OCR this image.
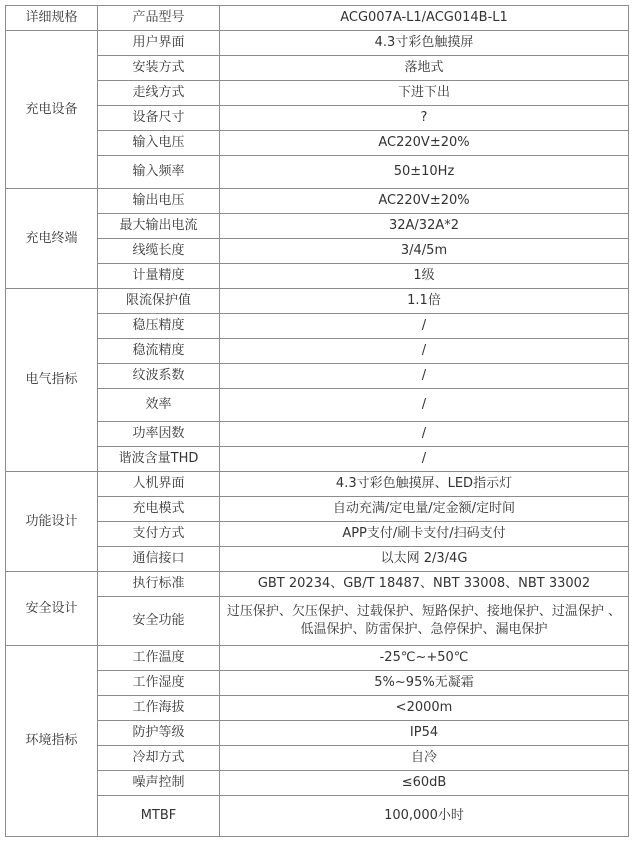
详细规格	产品型号	ACG007A-L1/ACG014B-L1
充电设备	用户界面	4.3寸彩色触摸屏
	安装方式	落地式
	走线方式	下进下出
	设备尺寸	?
	输入电压	AC220V±20%
	输入频率	50±10Hz
充电终端	输出电压	AC220V±20%
	最大输出电流	32A/32A*2
	线缆长度	3/4/5m
	计量精度	1级
电气指标	限流保护值	1.1倍
	稳压精度	/
	稳流精度	/
	纹波系数	/
	效率	/
	功率因数	/
	谐波含量THD	/
功能设计	人机界面	4.3寸彩色触摸屏、LED指示灯
	充电模式	自动充满/定电量/定金额/定时间
	支付方式	APP支付/刷卡支付/扫码支付
	通信接口	以太网 2/3/4G
安全设计	执行标准	GBT 20234、GB/T 18487、NBT 33008、NBT 33002
	安全功能	过压保护、欠压保护、过载保护、短路保护、接地保护、过温保护 、低温保护、防雷保护、急停保护、漏电保护
环境指标	工作温度	-25℃~+50℃
	工作湿度	5%~95%无凝霜
	工作海拔	<2000m
	防护等级	IP54
	冷却方式	自冷
	噪声控制	≤60dB
	MTBF	100,000小时
